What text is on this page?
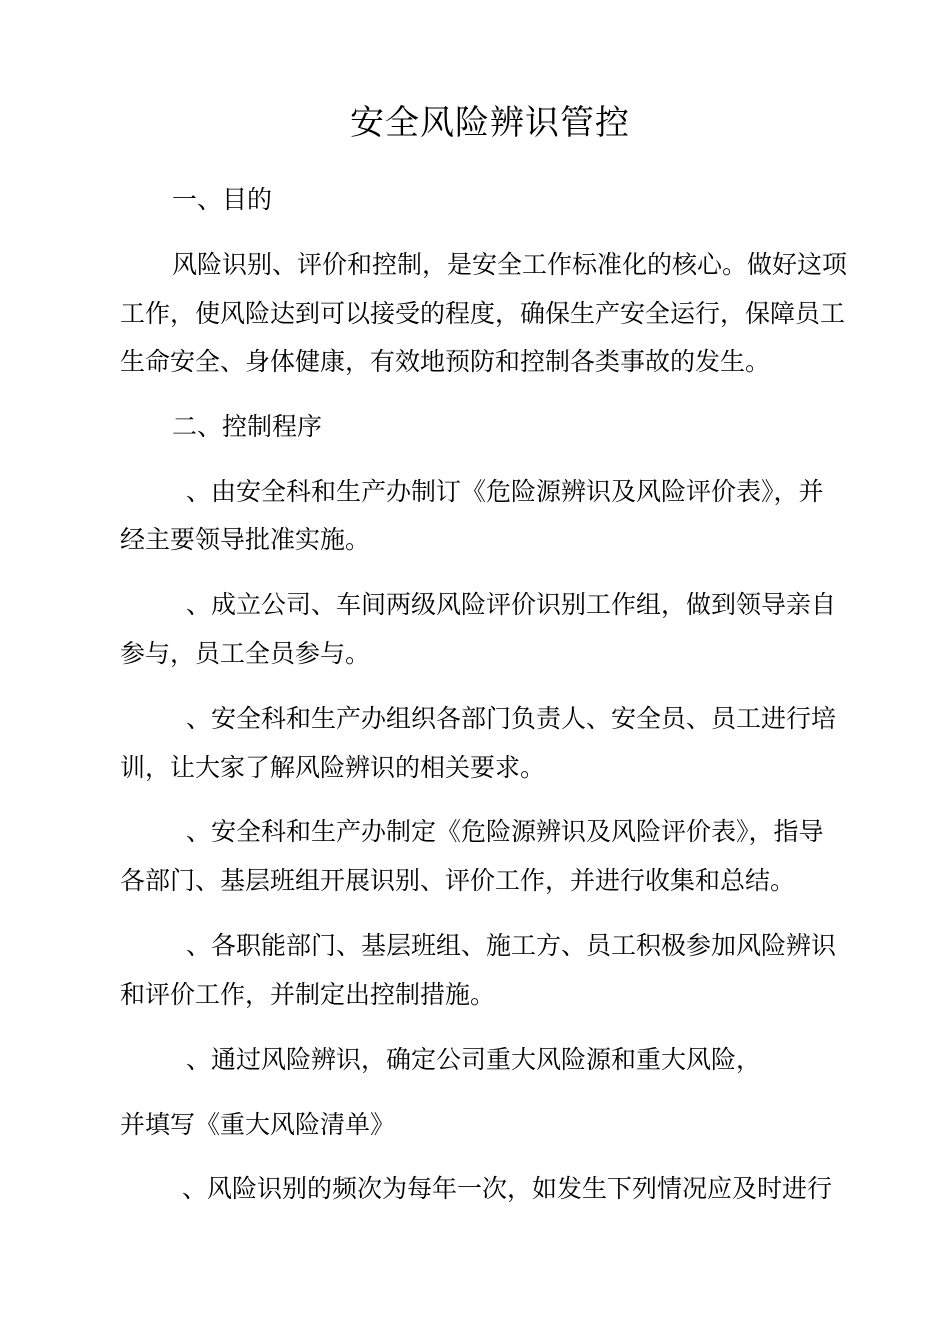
安全风险辨识管控

一、目的

风险识别、评价和控制，是安全工作标准化的核心。做好这项

工作，使风险达到可以接受的程度，确保生产安全运行，保障员工

生命安全、身体健康，有效地预防和控制各类事故的发生。

二、控制程序

、由安全科和生产办制订《危险源辨识及风险评价表》，并

经主要领导批准实施。

、成立公司、车间两级风险评价识别工作组，做到领导亲自

参与，员工全员参与。

、安全科和生产办组织各部门负责人、安全员、员工进行培

训，让大家了解风险辨识的相关要求。

、安全科和生产办制定《危险源辨识及风险评价表》，指导

各部门、基层班组开展识别、评价工作，并进行收集和总结。

、各职能部门、基层班组、施工方、员工积极参加风险辨识

和评价工作，并制定出控制措施。

、通过风险辨识，确定公司重大风险源和重大风险，

并填写《重大风险清单》

、风险识别的频次为每年一次，如发生下列情况应及时进行
